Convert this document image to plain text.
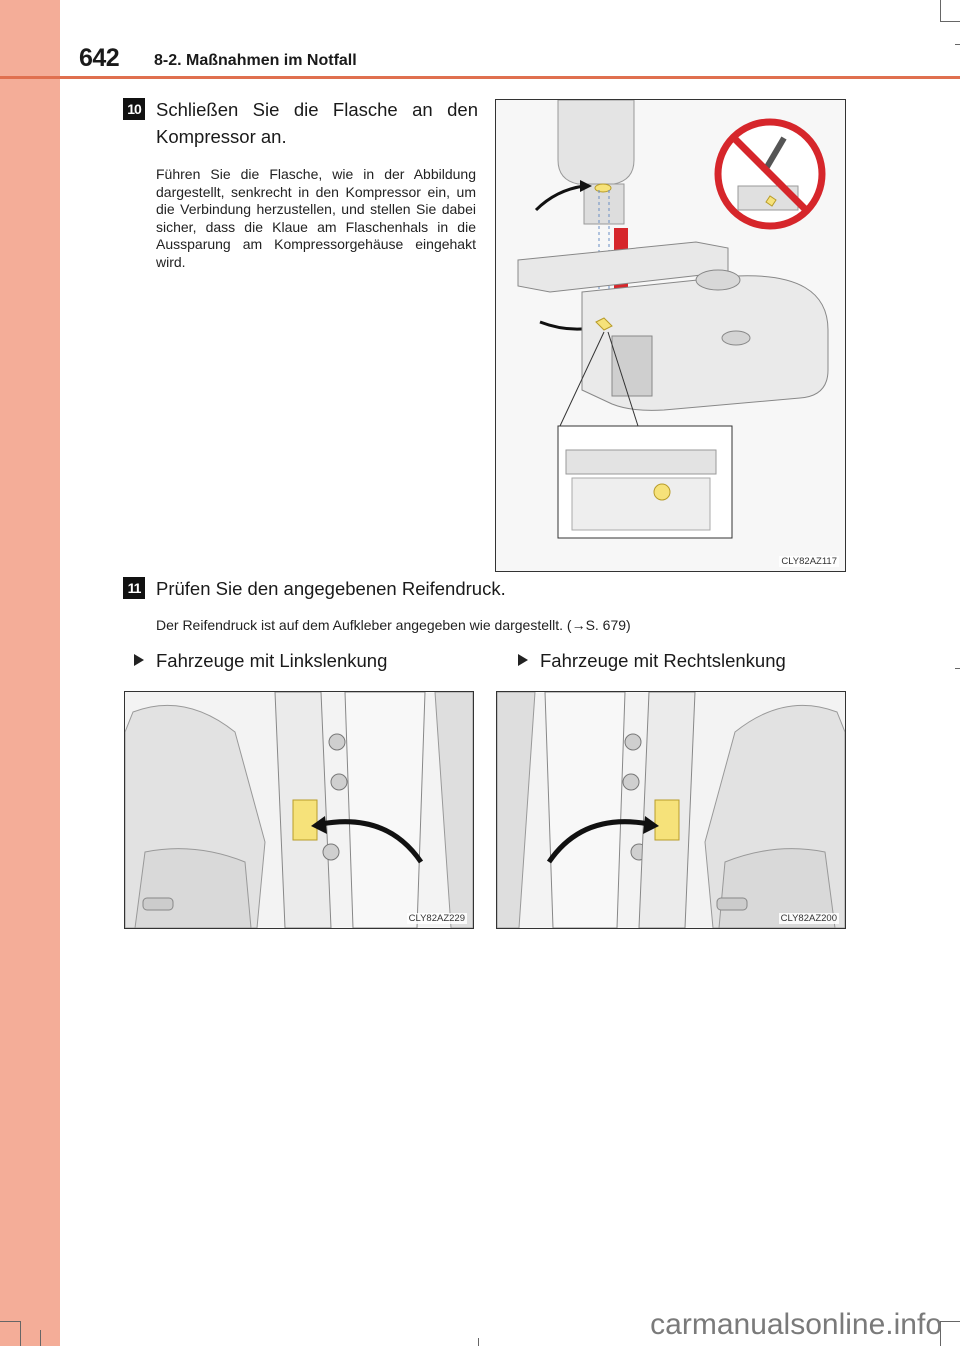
642 8-2. Maßnahmen im Notfall
10 Schließen Sie die Flasche an den Kompressor an.
Führen Sie die Flasche, wie in der Abbildung dargestellt, senkrecht in den Kompressor ein, um die Verbindung herzustellen, und stellen Sie dabei sicher, dass die Klaue am Flaschenhals in die Aussparung am Kompressorgehäuse eingehakt wird.
CLY82AZ117
11 Prüfen Sie den angegebenen Reifendruck.
Der Reifendruck ist auf dem Aufkleber angegeben wie dargestellt. (→S. 679)
Fahrzeuge mit Linkslenkung	Fahrzeuge mit Rechtslenkung
CLY82AZ229	CLY82AZ200
carmanualsonline.info
